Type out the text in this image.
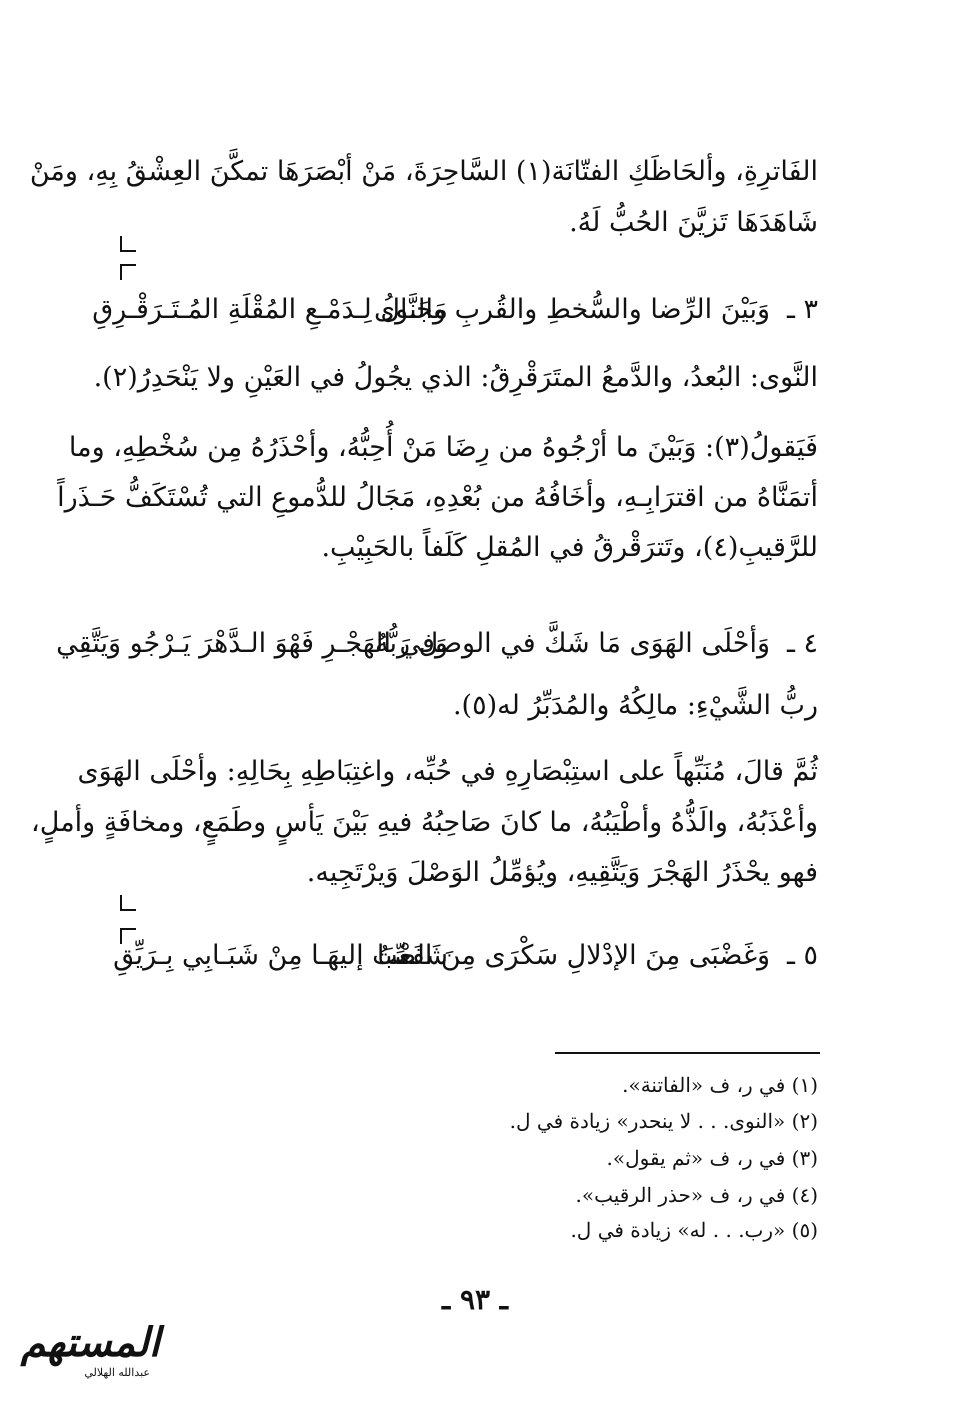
الفَاترِةِ، وألحَاظَكِ الفتّانَة(١) السَّاحِرَةَ، مَنْ أبْصَرَهَا تمكَّنَ العِشْقُ بِهِ، ومَنْ
شَاهَدَهَا تَزيَّنَ الحُبُّ لَهُ.
٣ ـ
وَبَيْنَ الرِّضا والسُّخطِ والقُربِ والنَّوى
مَجَـالُ لِـدَمْـعِ المُقْلَةِ المُـتَـرَقْـرِقِ
النَّوى: البُعدُ، والدَّمعُ المتَرَقْرِقُ: الذي يجُولُ في العَيْنِ ولا يَنْحَدِرُ(٢).
فَيَقولُ(٣): وَبَيْنَ ما أرْجُوهُ من رِضَا مَنْ أُحِبُّهُ، وأحْذَرُهُ مِن سُخْطِهِ، وما
أتمَنَّاهُ من اقترَابِـهِ، وأخَافُهُ من بُعْدِهِ، مَجَالُ للدُّموعِ التي تُسْتَكَفُّ حَـذَراً
للرَّقيبِ(٤)، وتَترَقْرقُ في المُقلِ كَلَفاً بالحَبِيْبِ.
٤ ـ
وَأحْلَى الهَوَى مَا شَكَّ في الوصل رَبُّهُ
وَفي الهَجْـرِ فَهْوَ الـدَّهْرَ يَـرْجُو وَيَتَّقِي
ربُّ الشَّيْءِ: مالِكُهُ والمُدَبِّرُ له(٥).
ثُمَّ قالَ، مُنَبِّهاً على استِبْصَارِهِ في حُبِّه، واغتِبَاطِهِ بِحَالِهِ: وأحْلَى الهَوَى
وأعْذَبُهُ، والَذُّهُ وأطْيَبُهُ، ما كانَ صَاحِبُهُ فيهِ بَيْنَ يَأسٍ وطَمَعٍ، ومخافَةٍ وأملٍ،
فهو يحْذَرُ الهَجْرَ وَيَتَّقِيهِ، ويُؤمِّلُ الوَصْلَ وَيرْتَجِيه.
٥ ـ
وَغَضْبَى مِنَ الإدْلالِ سَكْرَى مِنَ الصِّبَا
شَفَعْتُ إليهَـا مِنْ شَبَـابِي بِـرَيِّقِ
(١) في ر، ف «الفاتنة».
(٢) «النوى. . . لا ينحدر» زيادة في ل.
(٣) في ر، ف «ثم يقول».
(٤) في ر، ف «حذر الرقيب».
(٥) «رب. . . له» زيادة في ل.
ـ ٩٣ ـ
المستهم
عبدالله الهلالي
